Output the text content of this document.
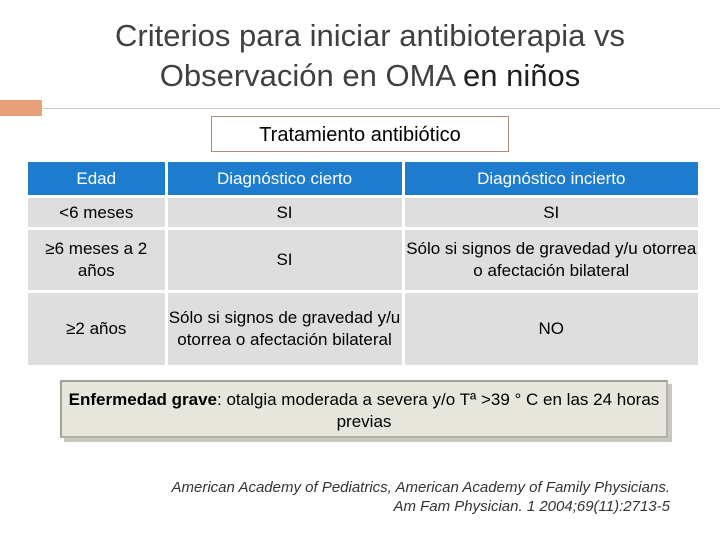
Criterios para iniciar antibioterapia vs
Observación en OMA en niños
Tratamiento antibiótico
Edad	Diagnóstico cierto	Diagnóstico incierto
<6 meses	SI	SI
≥6 meses a 2 años	SI	Sólo si signos de gravedad y/u otorrea o afectación bilateral
≥2 años	Sólo si signos de gravedad y/u otorrea o afectación bilateral	NO
Enfermedad grave: otalgia moderada a severa y/o Tª >39 ° C en las 24 horas previas
American Academy of Pediatrics, American Academy of Family Physicians.
Am Fam Physician. 1 2004;69(11):2713-5
